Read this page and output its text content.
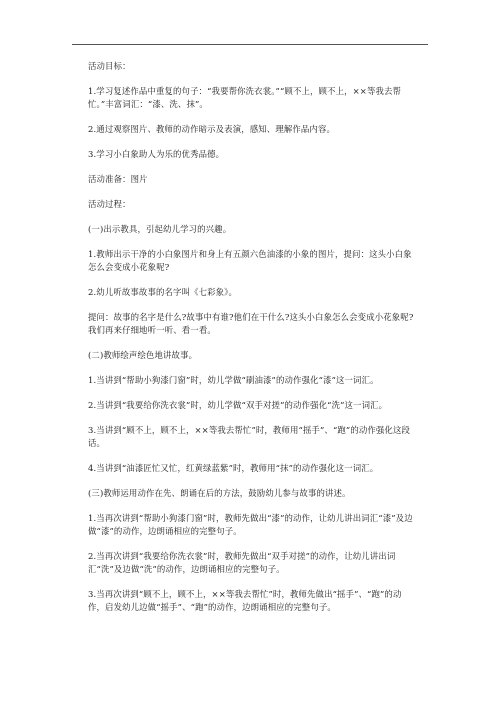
活动目标：

1.学习复述作品中重复的句子：“我要帮你洗衣裳。”“顾不上，顾不上，××等我去帮忙。”丰富词汇：“漆、洗、抹”。

2.通过观察图片、教师的动作暗示及表演，感知、理解作品内容。

3.学习小白象助人为乐的优秀品德。

活动准备：图片

活动过程：

(一)出示教具，引起幼儿学习的兴趣。

1.教师出示干净的小白象图片和身上有五颜六色油漆的小象的图片，提问：这头小白象怎么会变成小花象呢?

2.幼儿听故事故事的名字叫《七彩象》。

提问：故事的名字是什么?故事中有谁?他们在干什么?这头小白象怎么会变成小花象呢?我们再来仔细地听一听、看一看。

(二)教师绘声绘色地讲故事。

1.当讲到“帮助小狗漆门窗”时，幼儿学做“刷油漆”的动作强化“漆”这一词汇。

2.当讲到“我要给你洗衣裳”时，幼儿学做“双手对搓”的动作强化“洗”这一词汇。

3.当讲到“顾不上，顾不上，××等我去帮忙”时，教师用“摇手”、“跑”的动作强化这段话。

4.当讲到“油漆匠忙又忙，红黄绿蓝紫”时，教师用“抹”的动作强化这一词汇。

(三)教师运用动作在先、朗诵在后的方法，鼓励幼儿参与故事的讲述。

1.当再次讲到“帮助小狗漆门窗”时，教师先做出“漆”的动作，让幼儿讲出词汇“漆”及边做“漆”的动作，边朗诵相应的完整句子。

2.当再次讲到“我要给你洗衣裳”时，教师先做出“双手对搓”的动作，让幼儿讲出词汇“洗”及边做“洗”的动作，边朗诵相应的完整句子。

3.当再次讲到“顾不上，顾不上，××等我去帮忙”时，教师先做出“摇手”、“跑”的动作，启发幼儿边做“摇手”、“跑”的动作，边朗诵相应的完整句子。
